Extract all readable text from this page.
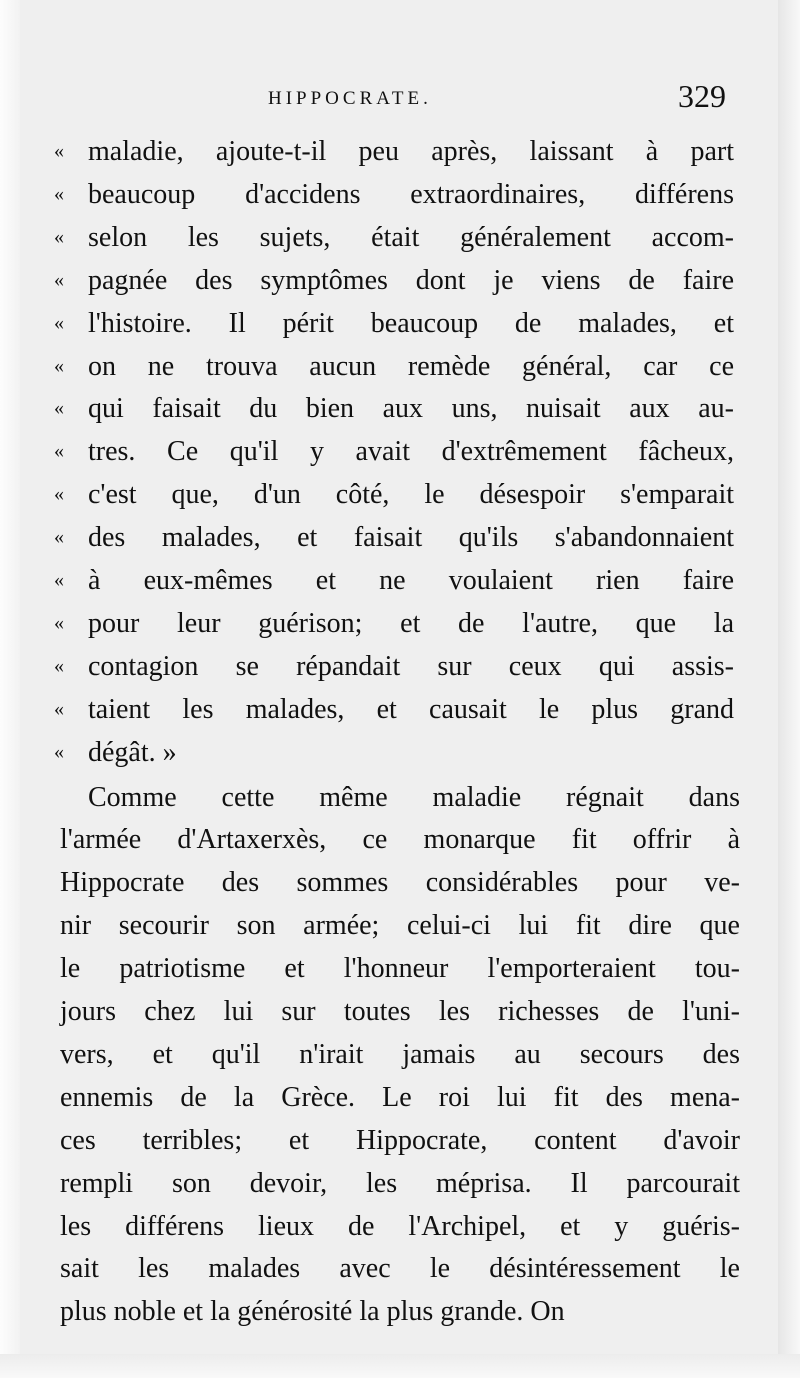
HIPPOCRATE.	329
« maladie, ajoute-t-il peu après, laissant à part
« beaucoup d'accidens extraordinaires, différens
« selon les sujets, était généralement accom-
« pagnée des symptômes dont je viens de faire
« l'histoire. Il périt beaucoup de malades, et
« on ne trouva aucun remède général, car ce
« qui faisait du bien aux uns, nuisait aux au-
« tres. Ce qu'il y avait d'extrêmement fâcheux,
« c'est que, d'un côté, le désespoir s'emparait
« des malades, et faisait qu'ils s'abandonnaient
« à eux-mêmes et ne voulaient rien faire
« pour leur guérison; et de l'autre, que la
« contagion se répandait sur ceux qui assis-
« taient les malades, et causait le plus grand
« dégât. »
Comme cette même maladie régnait dans
l'armée d'Artaxerxès, ce monarque fit offrir à
Hippocrate des sommes considérables pour ve-
nir secourir son armée; celui-ci lui fit dire que
le patriotisme et l'honneur l'emporteraient tou-
jours chez lui sur toutes les richesses de l'uni-
vers, et qu'il n'irait jamais au secours des
ennemis de la Grèce. Le roi lui fit des mena-
ces terribles; et Hippocrate, content d'avoir
rempli son devoir, les méprisa. Il parcourait
les différens lieux de l'Archipel, et y guéris-
sait les malades avec le désintéressement le
plus noble et la générosité la plus grande. On
